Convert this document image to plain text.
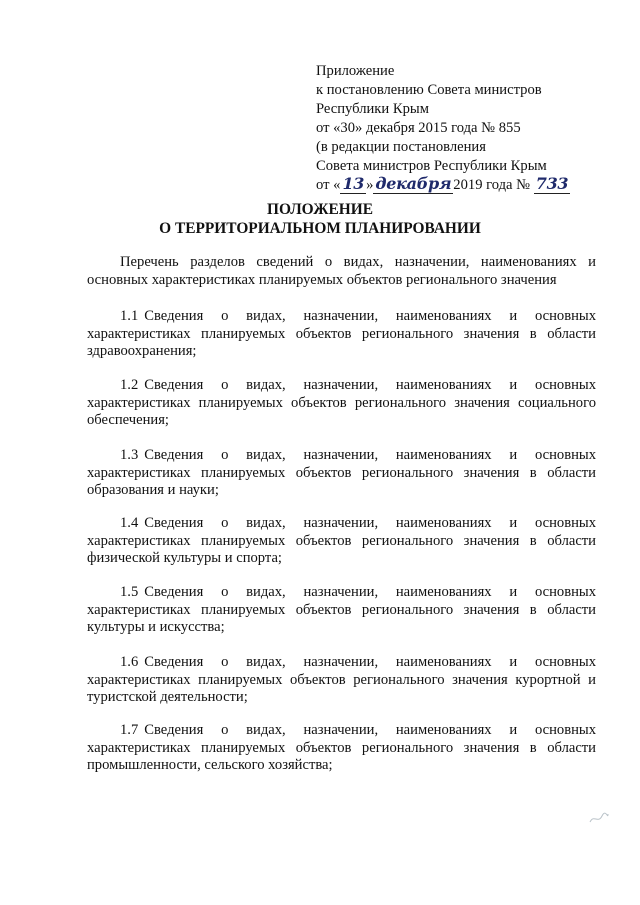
Приложение
к постановлению Совета министров
Республики Крым
от «30» декабря 2015 года № 855
(в редакции постановления
Совета министров Республики Крым
от « 13 » декабря 2019 года № 733
ПОЛОЖЕНИЕ
О ТЕРРИТОРИАЛЬНОМ ПЛАНИРОВАНИИ
Перечень разделов сведений о видах, назначении, наименованиях и основных характеристиках планируемых объектов регионального значения
1.1 Сведения о видах, назначении, наименованиях и основных характеристиках планируемых объектов регионального значения в области здравоохранения;
1.2 Сведения о видах, назначении, наименованиях и основных характеристиках планируемых объектов регионального значения социального обеспечения;
1.3 Сведения о видах, назначении, наименованиях и основных характеристиках планируемых объектов регионального значения в области образования и науки;
1.4 Сведения о видах, назначении, наименованиях и основных характеристиках планируемых объектов регионального значения в области физической культуры и спорта;
1.5 Сведения о видах, назначении, наименованиях и основных характеристиках планируемых объектов регионального значения в области культуры и искусства;
1.6 Сведения о видах, назначении, наименованиях и основных характеристиках планируемых объектов регионального значения курортной и туристской деятельности;
1.7 Сведения о видах, назначении, наименованиях и основных характеристиках планируемых объектов регионального значения в области промышленности, сельского хозяйства;
